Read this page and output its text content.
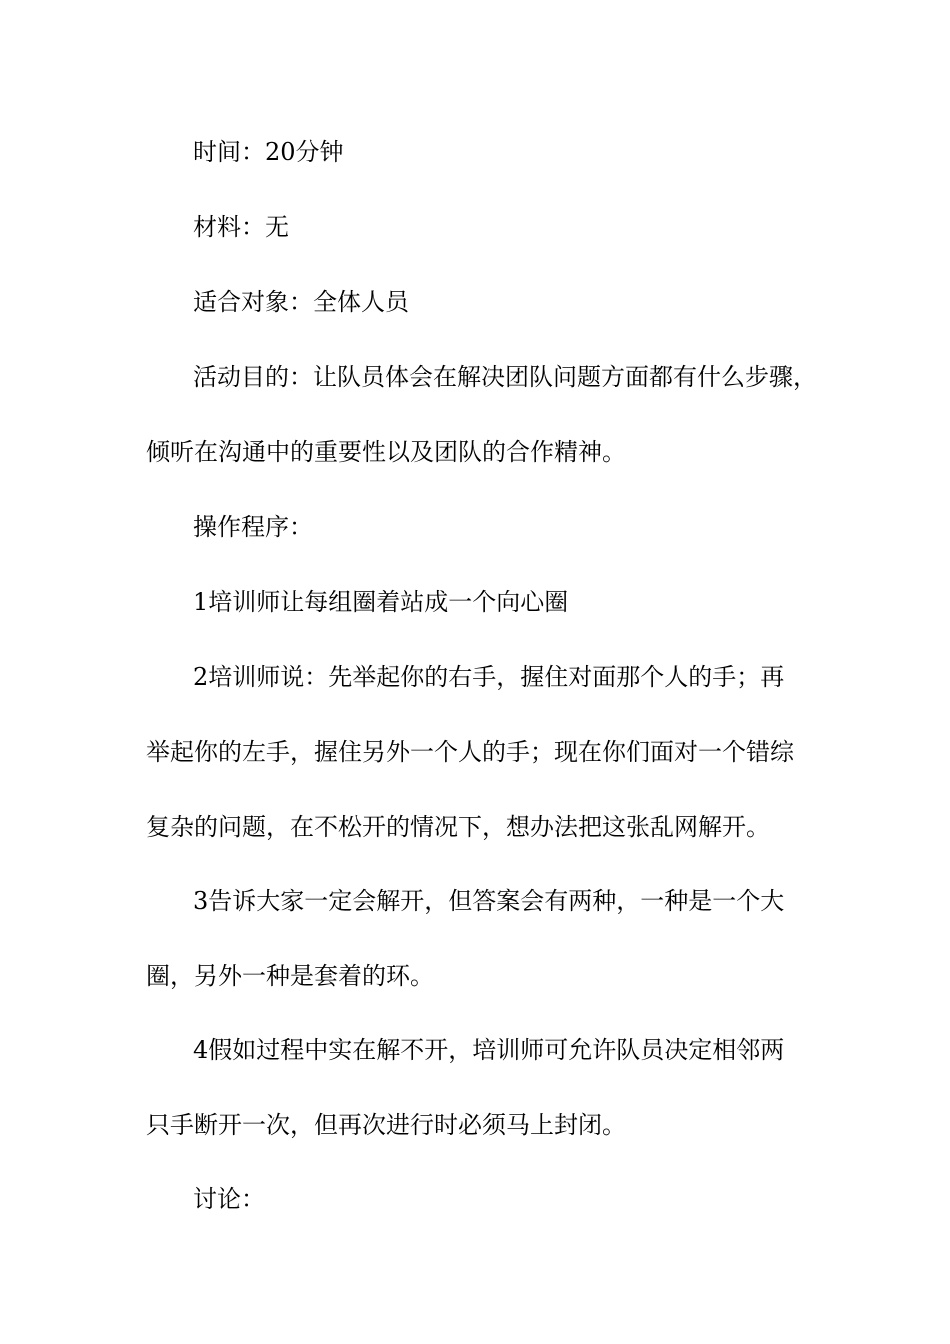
时间：20分钟
材料：无
适合对象：全体人员
活动目的：让队员体会在解决团队问题方面都有什么步骤，
倾听在沟通中的重要性以及团队的合作精神。
操作程序：
1培训师让每组圈着站成一个向心圈
2培训师说：先举起你的右手，握住对面那个人的手；再
举起你的左手，握住另外一个人的手；现在你们面对一个错综
复杂的问题，在不松开的情况下，想办法把这张乱网解开。
3告诉大家一定会解开，但答案会有两种，一种是一个大
圈，另外一种是套着的环。
4假如过程中实在解不开，培训师可允许队员决定相邻两
只手断开一次，但再次进行时必须马上封闭。
讨论：
